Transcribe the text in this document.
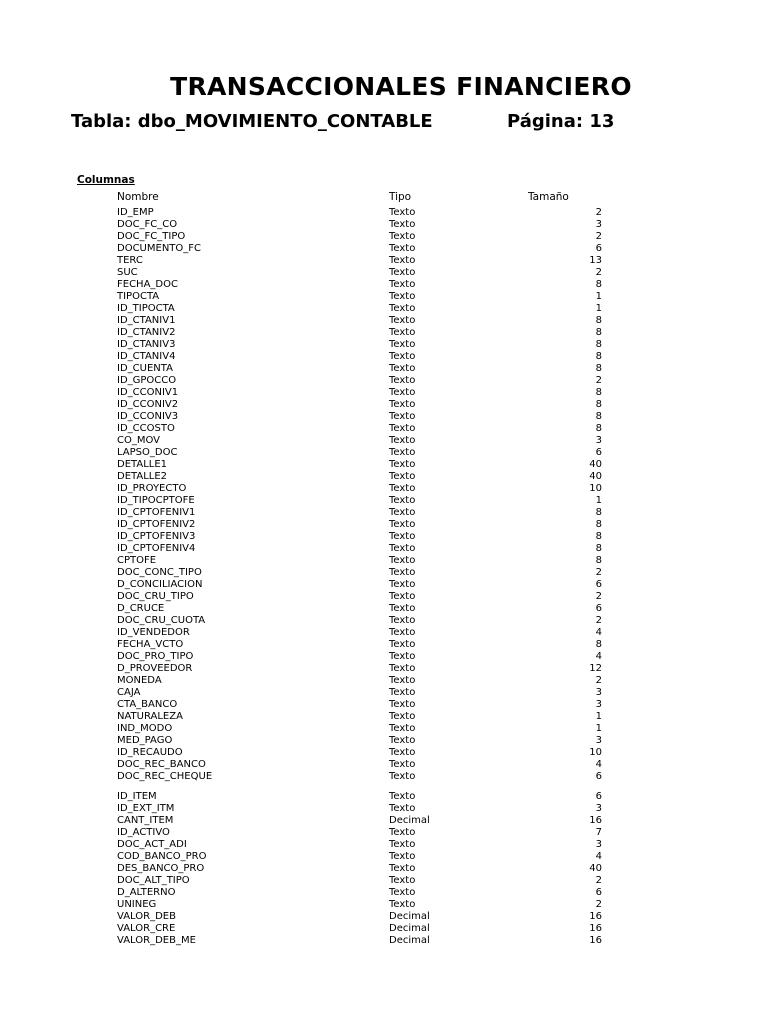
TRANSACCIONALES FINANCIERO
Tabla: dbo_MOVIMIENTO_CONTABLE	Página: 13
Columnas
Nombre	Tipo	Tamaño
ID_EMP	Texto	2
DOC_FC_CO	Texto	3
DOC_FC_TIPO	Texto	2
DOCUMENTO_FC	Texto	6
TERC	Texto	13
SUC	Texto	2
FECHA_DOC	Texto	8
TIPOCTA	Texto	1
ID_TIPOCTA	Texto	1
ID_CTANIV1	Texto	8
ID_CTANIV2	Texto	8
ID_CTANIV3	Texto	8
ID_CTANIV4	Texto	8
ID_CUENTA	Texto	8
ID_GPOCCO	Texto	2
ID_CCONIV1	Texto	8
ID_CCONIV2	Texto	8
ID_CCONIV3	Texto	8
ID_CCOSTO	Texto	8
CO_MOV	Texto	3
LAPSO_DOC	Texto	6
DETALLE1	Texto	40
DETALLE2	Texto	40
ID_PROYECTO	Texto	10
ID_TIPOCPTOFE	Texto	1
ID_CPTOFENIV1	Texto	8
ID_CPTOFENIV2	Texto	8
ID_CPTOFENIV3	Texto	8
ID_CPTOFENIV4	Texto	8
CPTOFE	Texto	8
DOC_CONC_TIPO	Texto	2
D_CONCILIACION	Texto	6
DOC_CRU_TIPO	Texto	2
D_CRUCE	Texto	6
DOC_CRU_CUOTA	Texto	2
ID_VENDEDOR	Texto	4
FECHA_VCTO	Texto	8
DOC_PRO_TIPO	Texto	4
D_PROVEEDOR	Texto	12
MONEDA	Texto	2
CAJA	Texto	3
CTA_BANCO	Texto	3
NATURALEZA	Texto	1
IND_MODO	Texto	1
MED_PAGO	Texto	3
ID_RECAUDO	Texto	10
DOC_REC_BANCO	Texto	4
DOC_REC_CHEQUE	Texto	6
ID_ITEM	Texto	6
ID_EXT_ITM	Texto	3
CANT_ITEM	Decimal	16
ID_ACTIVO	Texto	7
DOC_ACT_ADI	Texto	3
COD_BANCO_PRO	Texto	4
DES_BANCO_PRO	Texto	40
DOC_ALT_TIPO	Texto	2
D_ALTERNO	Texto	6
UNINEG	Texto	2
VALOR_DEB	Decimal	16
VALOR_CRE	Decimal	16
VALOR_DEB_ME	Decimal	16
